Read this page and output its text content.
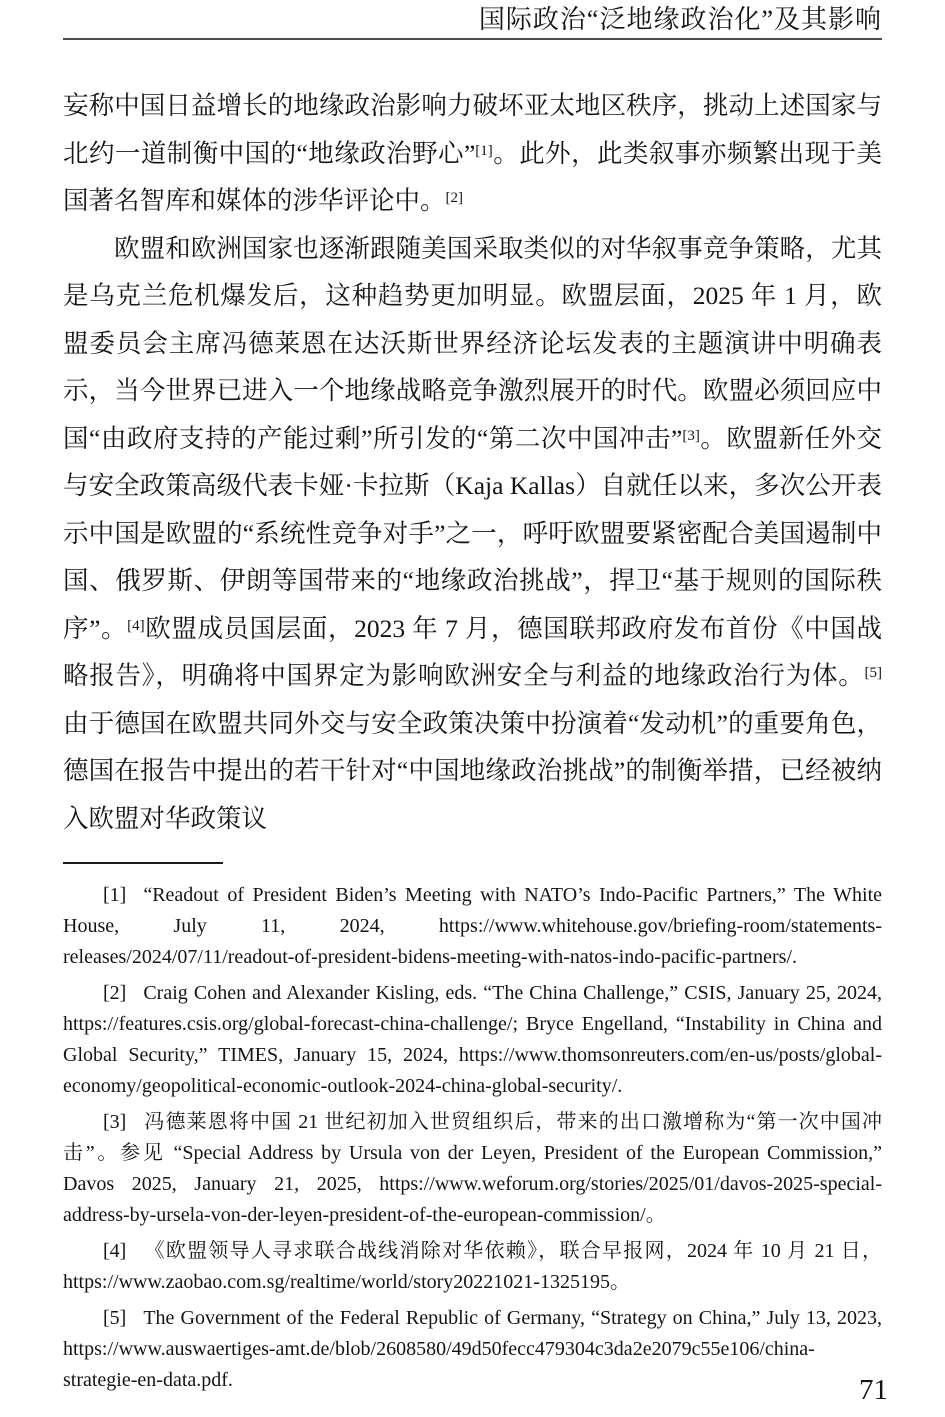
国际政治“泛地缘政治化”及其影响

妄称中国日益增长的地缘政治影响力破坏亚太地区秩序，挑动上述国家与北约一道制衡中国的“地缘政治野心”[1]。此外，此类叙事亦频繁出现于美国著名智库和媒体的涉华评论中。[2]

欧盟和欧洲国家也逐渐跟随美国采取类似的对华叙事竞争策略，尤其是乌克兰危机爆发后，这种趋势更加明显。欧盟层面，2025 年 1 月，欧盟委员会主席冯德莱恩在达沃斯世界经济论坛发表的主题演讲中明确表示，当今世界已进入一个地缘战略竞争激烈展开的时代。欧盟必须回应中国“由政府支持的产能过剩”所引发的“第二次中国冲击”[3]。欧盟新任外交与安全政策高级代表卡娅·卡拉斯（Kaja Kallas）自就任以来，多次公开表示中国是欧盟的“系统性竞争对手”之一，呼吁欧盟要紧密配合美国遏制中国、俄罗斯、伊朗等国带来的“地缘政治挑战”，捍卫“基于规则的国际秩序”。[4]欧盟成员国层面，2023 年 7 月，德国联邦政府发布首份《中国战略报告》，明确将中国界定为影响欧洲安全与利益的地缘政治行为体。[5]由于德国在欧盟共同外交与安全政策决策中扮演着“发动机”的重要角色，德国在报告中提出的若干针对“中国地缘政治挑战”的制衡举措，已经被纳入欧盟对华政策议

[1] “Readout of President Biden’s Meeting with NATO’s Indo-Pacific Partners,” The White House, July 11, 2024, https://www.whitehouse.gov/briefing-room/statements-releases/2024/07/11/readout-of-president-bidens-meeting-with-natos-indo-pacific-partners/.

[2] Craig Cohen and Alexander Kisling, eds. “The China Challenge,” CSIS, January 25, 2024, https://features.csis.org/global-forecast-china-challenge/; Bryce Engelland, “Instability in China and Global Security,” TIMES, January 15, 2024, https://www.thomsonreuters.com/en-us/posts/global-economy/geopolitical-economic-outlook-2024-china-global-security/.

[3] 冯德莱恩将中国 21 世纪初加入世贸组织后，带来的出口激增称为“第一次中国冲击”。参见 “Special Address by Ursula von der Leyen, President of the European Commission,” Davos 2025, January 21, 2025, https://www.weforum.org/stories/2025/01/davos-2025-special-address-by-ursela-von-der-leyen-president-of-the-european-commission/。

[4] 《欧盟领导人寻求联合战线消除对华依赖》，联合早报网，2024 年 10 月 21 日，https://www.zaobao.com.sg/realtime/world/story20221021-1325195。

[5] The Government of the Federal Republic of Germany, “Strategy on China,” July 13, 2023, https://www.auswaertiges-amt.de/blob/2608580/49d50fecc479304c3da2e2079c55e106/china-strategie-en-data.pdf.	71
